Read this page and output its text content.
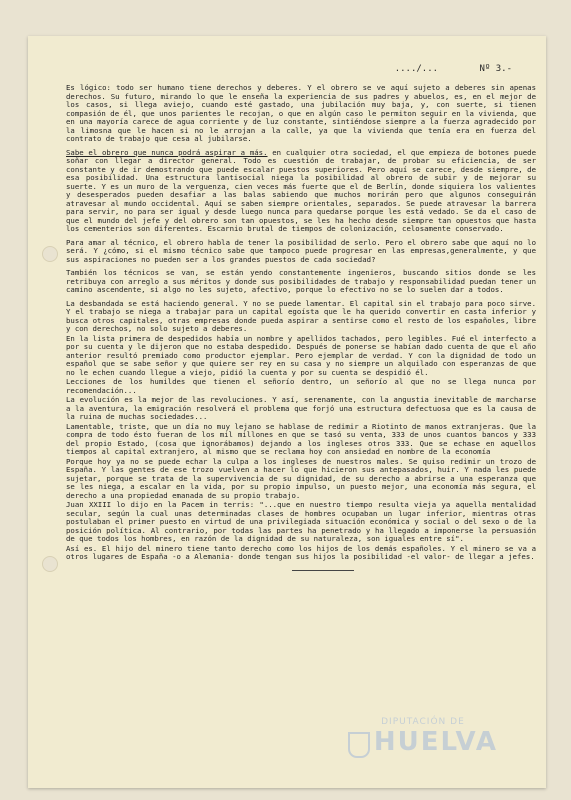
..../...	Nº 3.-

Es lógico: todo ser humano tiene derechos y deberes. Y el obrero se ve aquí sujeto a deberes sin apenas derechos. Su futuro, mirando lo que le enseña la experiencia de sus padres y abuelos, es, en el mejor de los casos, si llega aviejo, cuando esté gastado, una jubilación muy baja, y, con suerte, si tienen compasión de él, que unos parientes le recojan, o que en algún caso le permiton seguir en la vivienda, que en una mayoría carece de agua corriente y de luz constante, sintiéndose siempre a la fuerza agradecido por la limosna que le hacen si no le arrojan a la calle, ya que la vivienda que tenía era en fuerza del contrato de trabajo que cesa al jubilarse.

Sabe el obrero que nunca podrá aspirar a más. en cualquier otra sociedad, el que empieza de botones puede soñar con llegar a director general. Todo es cuestión de trabajar, de probar su eficiencia, de ser constante y de ir demostrando que puede escalar puestos superiores. Pero aquí se carece, desde siempre, de esa posibilidad. Una estructura lantisocial niega la posibilidad al obrero de subir y de mejorar su suerte. Y es un muro de la verguenza, cien veces más fuerte que el de Berlín, donde siquiera los valientes y desesperados pueden desafiar a las balas sabiendo que muchos morirán pero que algunos conseguirán atravesar al mundo occidental. Aquí se saben siempre orientales, separados. Se puede atravesar la barrera para servir, no para ser igual y desde luego nunca para quedarse porque les está vedado. Se da el caso de que el mundo del jefe y del obrero son tan opuestos, se les ha hecho desde siempre tan opuestos que hasta los cementerios son diferentes. Escarnio brutal de tiempos de colonización, celosamente conservado.

Para amar al técnico, el obrero habla de tener la posibilidad de serlo. Pero el obrero sabe que aquí no lo será. Y ¿cómo, si el mismo técnico sabe que tampoco puede progresar en las empresas,generalmente, y que sus aspiraciones no pueden ser a los grandes puestos de cada sociedad?

También los técnicos se van, se están yendo constantemente ingenieros, buscando sitios donde se les retribuya con arreglo a sus méritos y donde sus posibilidades de trabajo y responsabilidad puedan tener un camino ascendente, si algo no les sujeto, afectivo, porque lo efectivo no se lo suelen dar a todos.

La desbandada se está haciendo general. Y no se puede lamentar. El capital sin el trabajo para poco sirve. Y el trabajo se niega a trabajar para un capital egoísta que le ha querido convertir en casta inferior y busca otros capitales, otras empresas donde pueda aspirar a sentirse como el resto de los españoles, libre y con derechos, no solo sujeto a deberes.

En la lista primera de despedidos había un nombre y apellidos tachados, pero legibles. Fué el interfecto a por su cuenta y le dijeron que no estaba despedido. Después de ponerse se habían dado cuenta de que el año anterior resultó premiado como productor ejemplar. Pero ejemplar de verdad. Y con la dignidad de todo un español que se sabe señor y que quiere ser rey en su casa y no siempre un alquilado con esperanzas de que no le echen cuando llegue a viejo, pidió la cuenta y por su cuenta se despidió él.

Lecciones de los humildes que tienen el señorío dentro, un señorío al que no se llega nunca por recomendación...

La evolución es la mejor de las revoluciones. Y así, serenamente, con la angustia inevitable de marcharse a la aventura, la emigración resolverá el problema que forjó una estructura defectuosa que es la causa de la ruina de muchas sociedades...

Lamentable, triste, que un día no muy lejano se hablase de redimir a Riotinto de manos extranjeras. Que la compra de todo ésto fueran de los mil millones en que se tasó su venta, 333 de unos cuantos bancos y 333 del propio Estado, (cosa que ignorábamos) dejando a los ingleses otros 333. Que se echase en aquellos tiempos al capital extranjero, al mismo que se reclama hoy con ansiedad en nombre de la economía

Porque hoy ya no se puede echar la culpa a los ingleses de nuestros males. Se quiso redimir un trozo de España. Y las gentes de ese trozo vuelven a hacer lo que hicieron sus antepasados, huir. Y nada les puede sujetar, porque se trata de la supervivencia de su dignidad, de su derecho a abrirse a una esperanza que se les niega, a escalar en la vida, por su propio impulso, un puesto mejor, una economía más segura, el derecho a una propiedad emanada de su propio trabajo.

Juan XXIII lo dijo en la Pacem in terris: "...que en nuestro tiempo resulta vieja ya aquella mentalidad secular, según la cual unas determinadas clases de hombres ocupaban un lugar inferior, mientras otras postulaban el primer puesto en virtud de una privilegiada situación económica y social o del sexo o de la posición política. Al contrario, por todas las partes ha penetrado y ha llegado a imponerse la persuasión de que todos los hombres, en razón de la dignidad de su naturaleza, son iguales entre sí".

Así es. El hijo del minero tiene tanto derecho como los hijos de los demás españoles. Y el minero se va a otros lugares de España -o a Alemania- donde tengan sus hijos la posibilidad -el valor- de llegar a jefes.

DIPUTACIÓN DE
HUELVA
